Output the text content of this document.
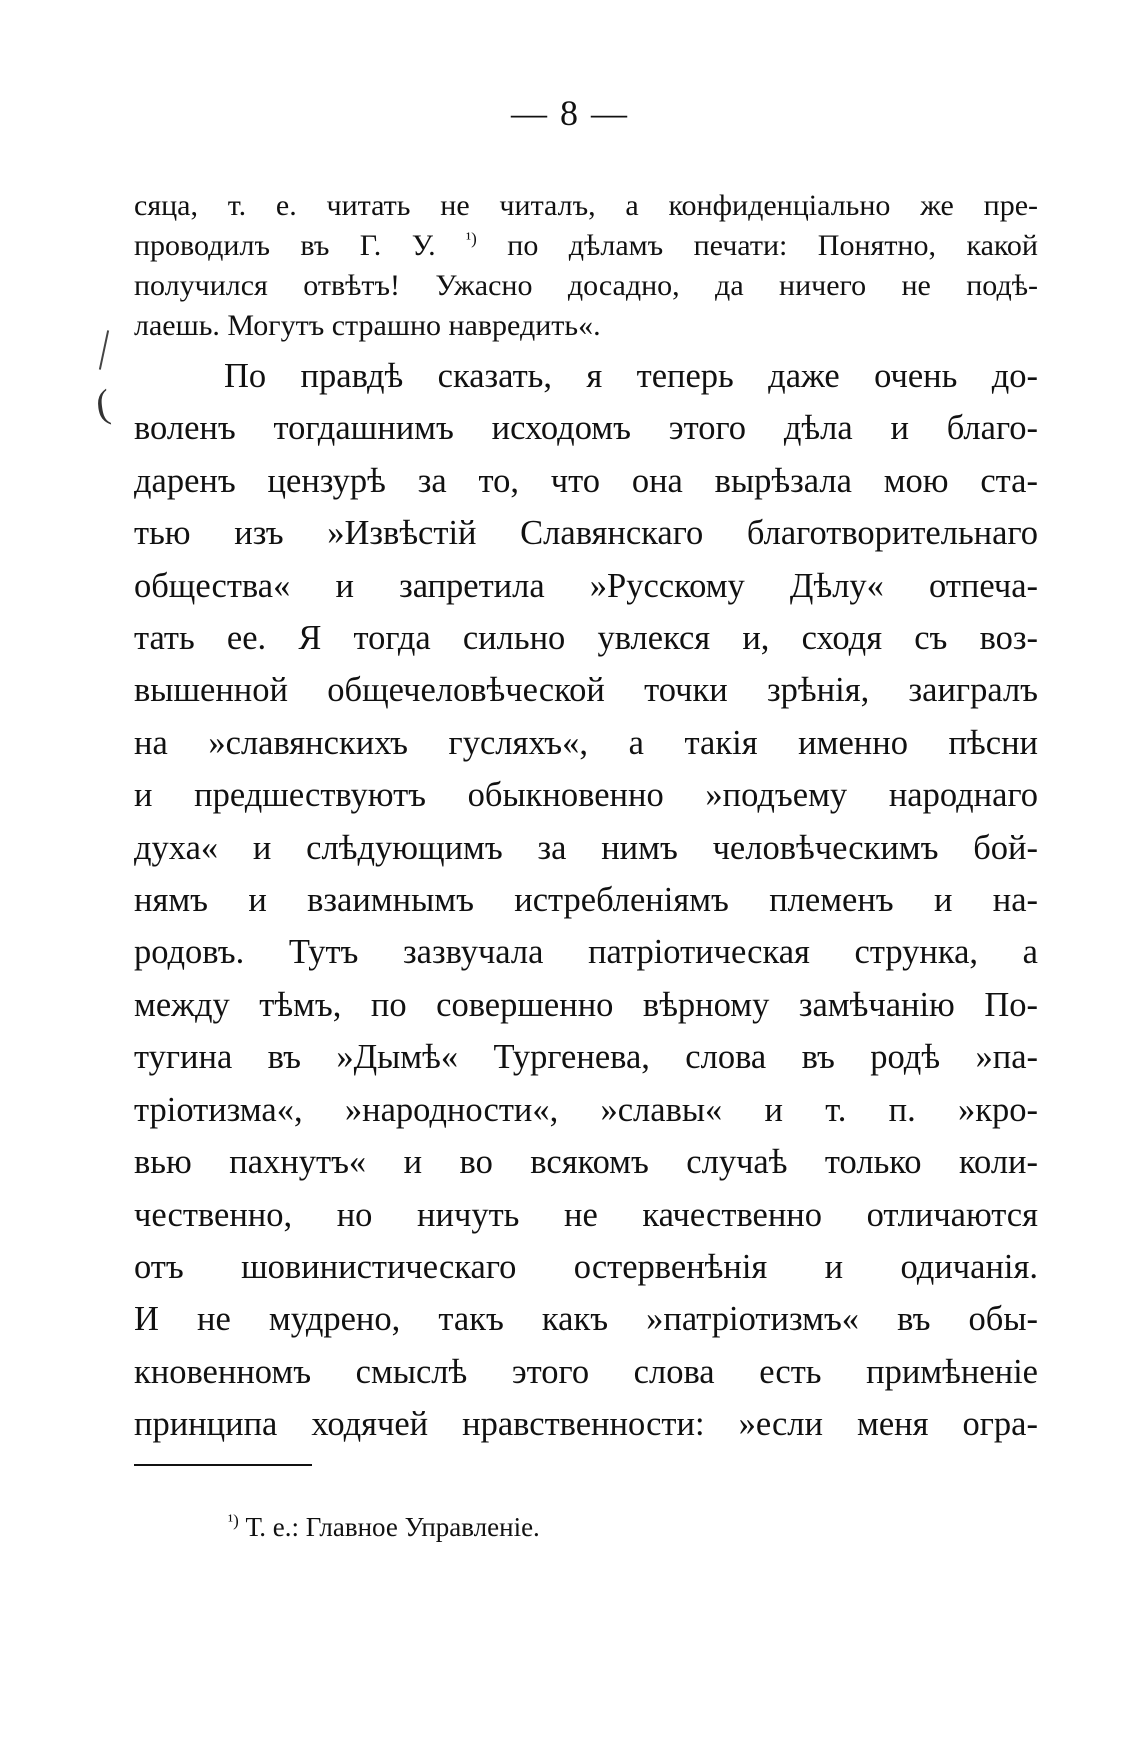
— 8 —
(
сяца, т. е. читать не читалъ, а конфиденціально же пре-
проводилъ въ Г. У. $^{^1)}$ по дѣламъ печати: Понятно, какой
получился отвѣтъ! Ужасно досадно, да ничего не подѣ-
лаешь. Могутъ страшно навредить«.
По правдѣ сказать, я теперь даже очень до-
воленъ тогдашнимъ исходомъ этого дѣла и благо-
даренъ цензурѣ за то, что она вырѣзала мою ста-
тью изъ »Извѣстій Славянскаго благотворительнаго
общества« и запретила »Русскому Дѣлу« отпеча-
тать ее. Я тогда сильно увлекся и, сходя съ воз-
вышенной общечеловѣческой точки зрѣнія, заигралъ
на »славянскихъ гусляхъ«, а такія именно пѣсни
и предшествуютъ обыкновенно »подъему народнаго
духа« и слѣдующимъ за нимъ человѣческимъ бой-
нямъ и взаимнымъ истребленіямъ племенъ и на-
родовъ. Тутъ зазвучала патріотическая струнка, а
между тѣмъ, по совершенно вѣрному замѣчанію По-
тугина въ »Дымѣ« Тургенева, слова въ родѣ »па-
тріотизма«, »народности«, »славы« и т. п. »кро-
вью пахнутъ« и во всякомъ случаѣ только коли-
чественно, но ничуть не качественно отличаются
отъ шовинистическаго остервенѣнія и одичанія.
И не мудрено, такъ какъ »патріотизмъ« въ обы-
кновенномъ смыслѣ этого слова есть примѣненіе
принципа ходячей нравственности: »если меня огра-
$^{^1)}$ Т. е.: Главное Управленіе.
